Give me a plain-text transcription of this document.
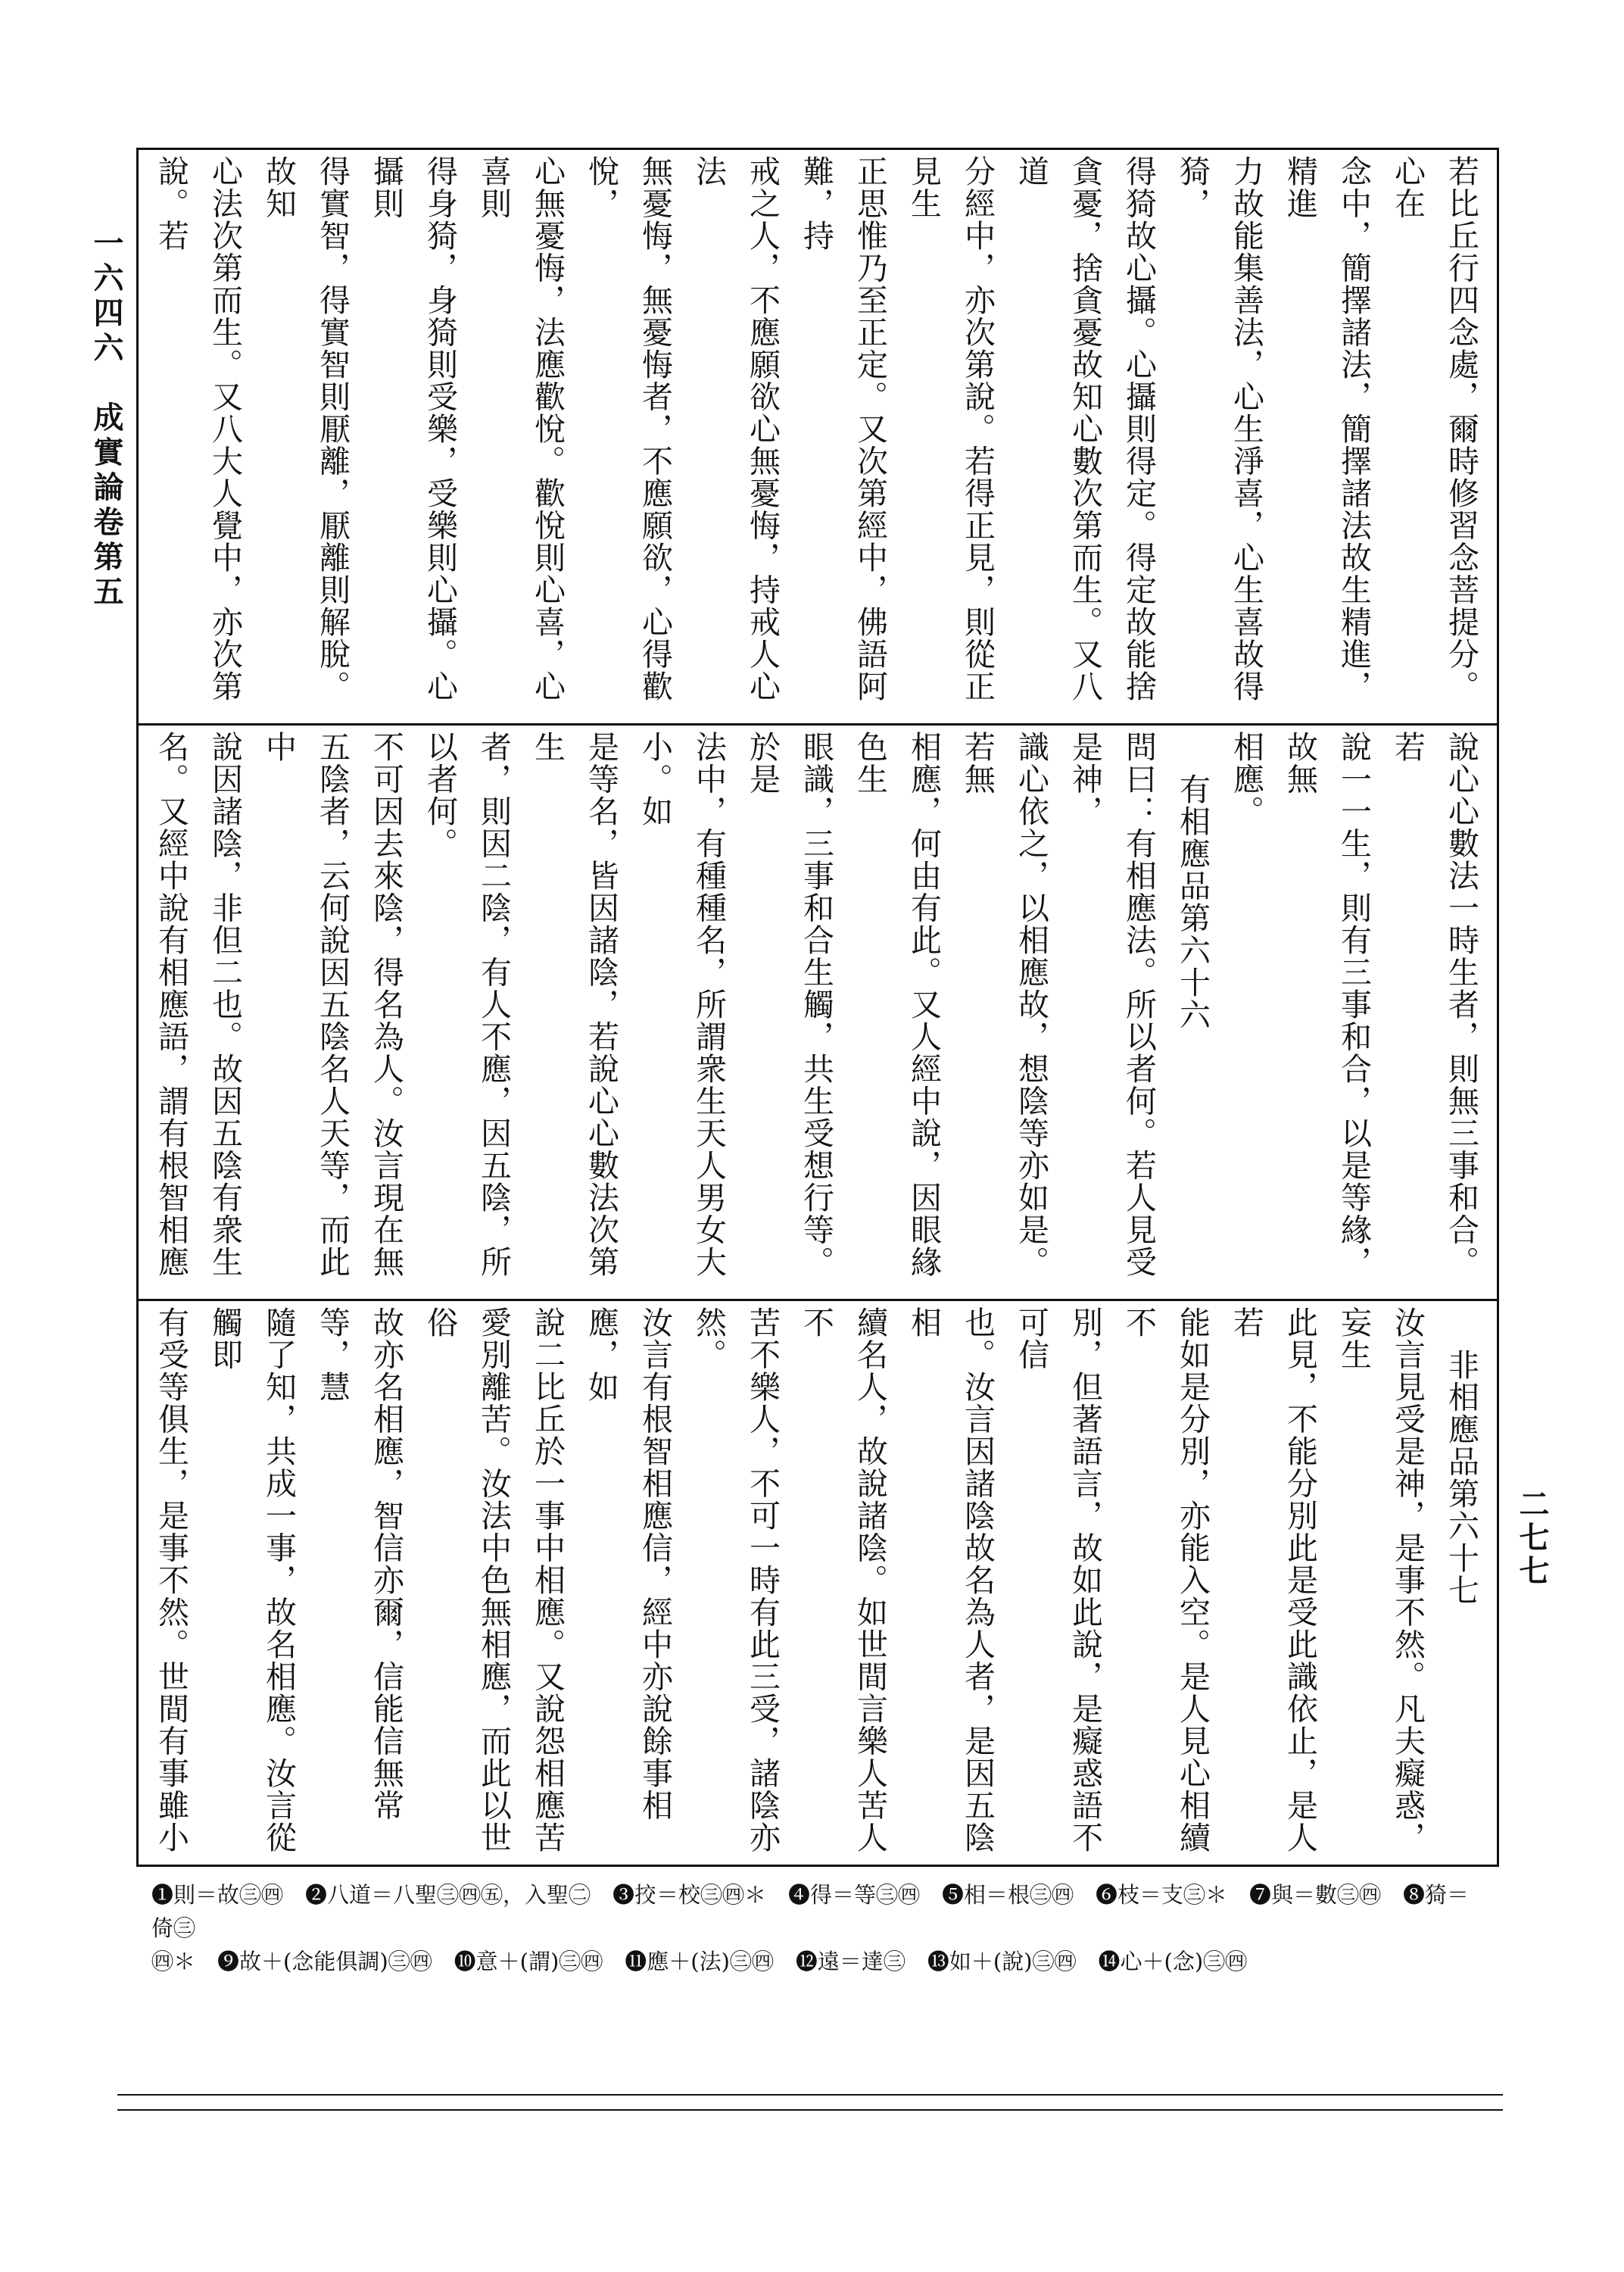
一六四六　成實論卷第五
二七七

若比丘行四念處，爾時修習念菩提分。心在

念中，簡擇諸法，簡擇諸法故生精進，精進

力故能集善法，心生淨喜，心生喜故得猗，

得猗故心攝。心攝則得定。得定故能捨

貪憂，捨貪憂故知心數次第而生。又八道

分經中，亦次第說。若得正見，則從正見生

正思惟乃至正定。又次第經中，佛語阿難，持

戒之人，不應願欲心無憂悔，持戒人心法

無憂悔，無憂悔者，不應願欲，心得歡悅，

心無憂悔，法應歡悅。歡悅則心喜，心喜則

得身猗，身猗則受樂，受樂則心攝。心攝則

得實智，得實智則厭離，厭離則解脫。故知

心法次第而生。又八大人覺中，亦次第說。若

說心心數法一時生者，則無三事和合。若

說一一生，則有三事和合，以是等緣，故無

相應。

有相應品第六十六

問曰：有相應法。所以者何。若人見受是神，

識心依之，以相應故，想陰等亦如是。若無

相應，何由有此。又人經中說，因眼緣色生

眼識，三事和合生觸，共生受想行等。於是

法中，有種種名，所謂衆生天人男女大小。如

是等名，皆因諸陰，若說心心數法次第生

者，則因二陰，有人不應，因五陰，所以者何。

不可因去來陰，得名為人。汝言現在無

五陰者，云何說因五陰名人天等，而此中

說因諸陰，非但二也。故因五陰有衆生

名。又經中說有相應語，謂有根智相應

非相應品第六十七

汝言見受是神，是事不然。凡夫癡惑，妄生

此見，不能分別此是受此識依止，是人若

能如是分別，亦能入空。是人見心相續不

別，但著語言，故如此說，是癡惑語不可信

也。汝言因諸陰故名為人者，是因五陰相

續名人，故說諸陰。如世間言樂人苦人不

苦不樂人，不可一時有此三受，諸陰亦然。

汝言有根智相應信，經中亦說餘事相應，如

說二比丘於一事中相應。又說怨相應苦

愛別離苦。汝法中色無相應，而此以世俗

故亦名相應，智信亦爾，信能信無常等，慧

隨了知，共成一事，故名相應。汝言從觸即

有受等俱生，是事不然。世間有事雖小

❶則＝故㊂㊃　❷八道＝八聖㊂㊃㊄，入聖㊁　❸挍＝校㊂㊃＊　❹得＝等㊂㊃　❺相＝根㊂㊃　❻枝＝支㊂＊　❼與＝數㊂㊃　❽猗＝倚㊂

㊃＊　❾故＋(念能俱調)㊂㊃　❿意＋(謂)㊂㊃　⓫應＋(法)㊂㊃　⓬遠＝達㊂　⓭如＋(說)㊂㊃　⓮心＋(念)㊂㊃
